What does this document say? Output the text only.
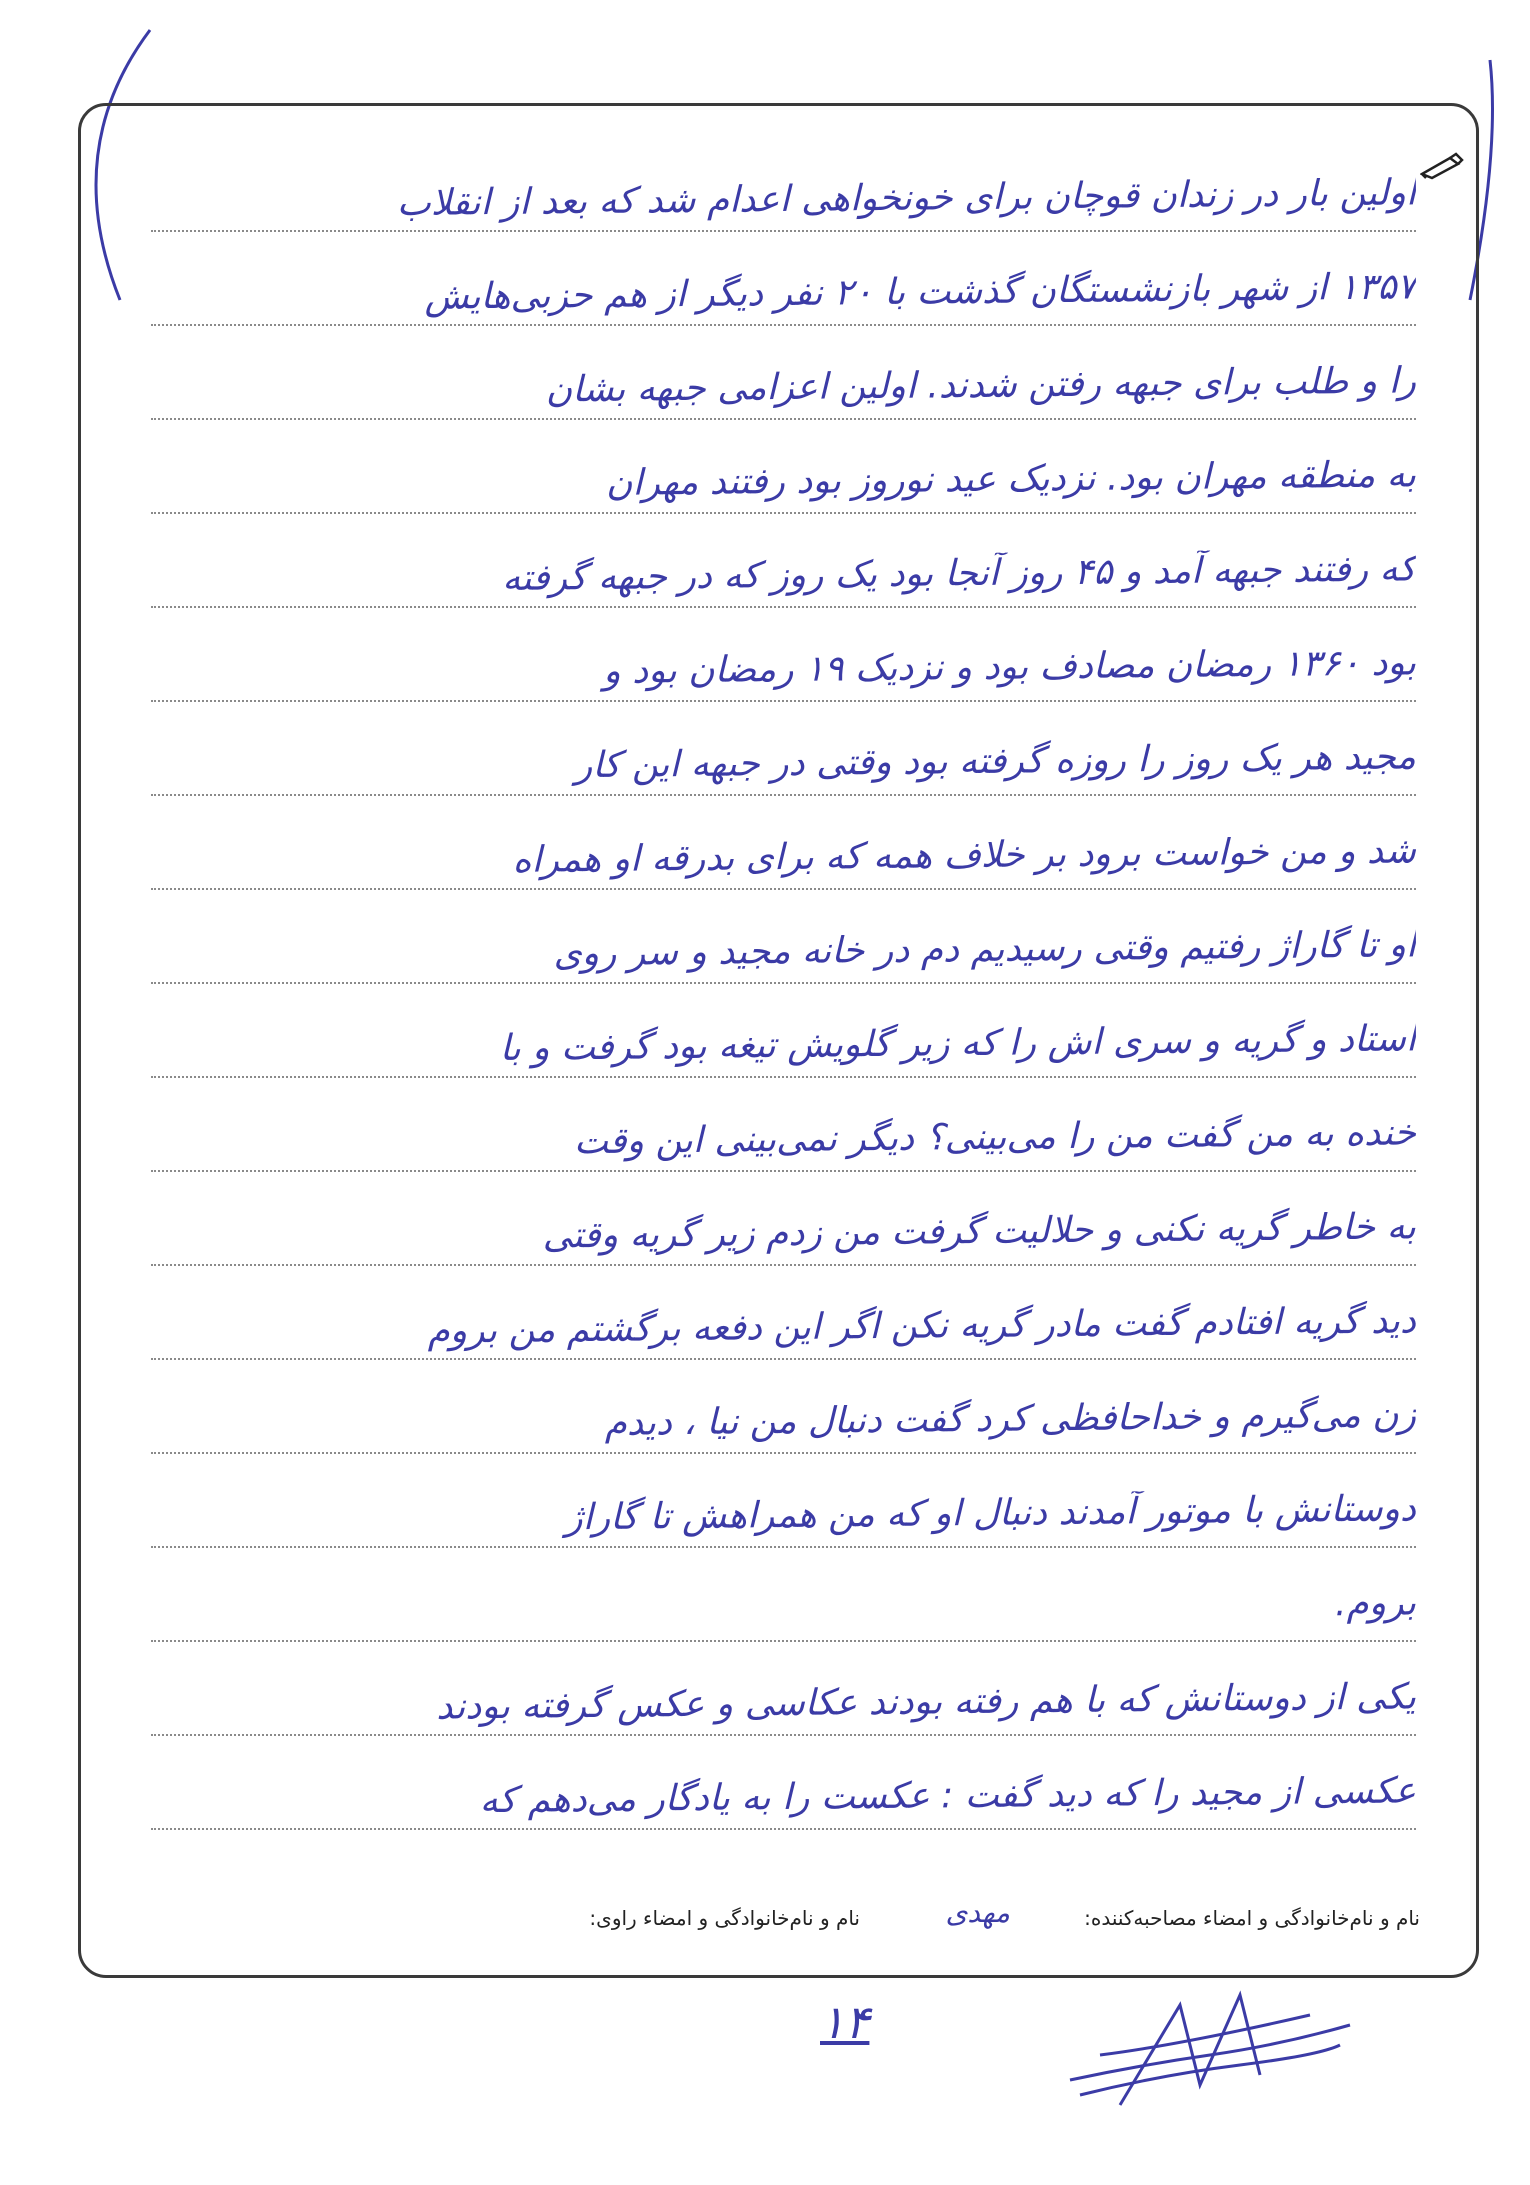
اولین بار در زندان قوچان برای خونخواهی اعدام شد که بعد از انقلاب
۱۳۵۷ از شهر بازنشستگان گذشت با ۲۰ نفر دیگر از هم حزبی‌هایش
را و طلب برای جبهه رفتن شدند. اولین اعزامی جبهه بشان
به منطقه مهران بود. نزدیک عید نوروز بود رفتند مهران
که رفتند جبهه آمد و ۴۵ روز آنجا بود یک روز که در جبهه گرفته
بود ۱۳۶۰ رمضان مصادف بود و نزدیک ۱۹ رمضان بود و
مجید هر یک روز را روزه گرفته بود وقتی در جبهه این کار
شد و من خواست برود بر خلاف همه که برای بدرقه او همراه
او تا گاراژ رفتیم وقتی رسیدیم دم در خانه مجید و سر روی
استاد و گریه و سری اش را که زیر گلویش تیغه بود گرفت و با
خنده به من گفت من را می‌بینی؟ دیگر نمی‌بینی این وقت
به خاطر گریه نکنی و حلالیت گرفت من زدم زیر گریه وقتی
دید گریه افتادم گفت مادر گریه نکن اگر این دفعه برگشتم من بروم
زن می‌گیرم و خداحافظی کرد گفت دنبال من نیا ، دیدم
دوستانش با موتور آمدند دنبال او که من همراهش تا گاراژ
بروم.
یکی از دوستانش که با هم رفته بودند عکاسی و عکس گرفته بودند
عکسی از مجید را که دید گفت : عکست را به یادگار می‌دهم که
نام و نام‌خانوادگی و امضاء مصاحبه‌کننده:
مهدی
نام و نام‌خانوادگی و امضاء راوی:
۱۴
